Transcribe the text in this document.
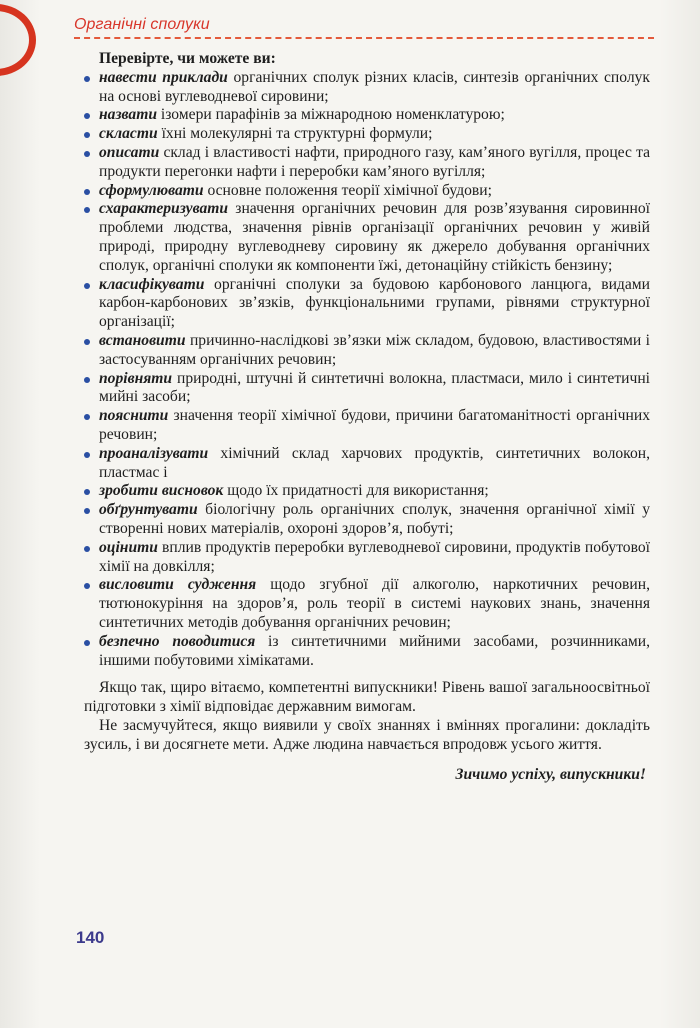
Органічні сполуки

Перевірте, чи можете ви:

навести приклади органічних сполук різних класів, синтезів органічних сполук на основі вуглеводневої сировини;
назвати ізомери парафінів за міжнародною номенклатурою;
скласти їхні молекулярні та структурні формули;
описати склад і властивості нафти, природного газу, кам’яного вугілля, процес та продукти перегонки нафти і переробки кам’яного вугілля;
сформулювати основне положення теорії хімічної будови;
схарактеризувати значення органічних речовин для розв’язування сировинної проблеми людства, значення рівнів організації органічних речовин у живій природі, природну вуглеводневу сировину як джерело добування органічних сполук, органічні сполуки як компоненти їжі, детонаційну стійкість бензину;
класифікувати органічні сполуки за будовою карбонового ланцюга, видами карбон-карбонових зв’язків, функціональними групами, рівнями структурної організації;
встановити причинно-наслідкові зв’язки між складом, будовою, властивостями і застосуванням органічних речовин;
порівняти природні, штучні й синтетичні волокна, пластмаси, мило і синтетичні мийні засоби;
пояснити значення теорії хімічної будови, причини багатоманітності органічних речовин;
проаналізувати хімічний склад харчових продуктів, синтетичних волокон, пластмас і
зробити висновок щодо їх придатності для використання;
обґрунтувати біологічну роль органічних сполук, значення органічної хімії у створенні нових матеріалів, охороні здоров’я, побуті;
оцінити вплив продуктів переробки вуглеводневої сировини, продуктів побутової хімії на довкілля;
висловити судження щодо згубної дії алкоголю, наркотичних речовин, тютюнокуріння на здоров’я, роль теорії в системі наукових знань, значення синтетичних методів добування органічних речовин;
безпечно поводитися із синтетичними мийними засобами, розчинниками, іншими побутовими хімікатами.

Якщо так, щиро вітаємо, компетентні випускники! Рівень вашої загальноосвітньої підготовки з хімії відповідає державним вимогам.

Не засмучуйтеся, якщо виявили у своїх знаннях і вміннях прогалини: докладіть зусиль, і ви досягнете мети. Адже людина навчається впродовж усього життя.

Зичимо успіху, випускники!

140
